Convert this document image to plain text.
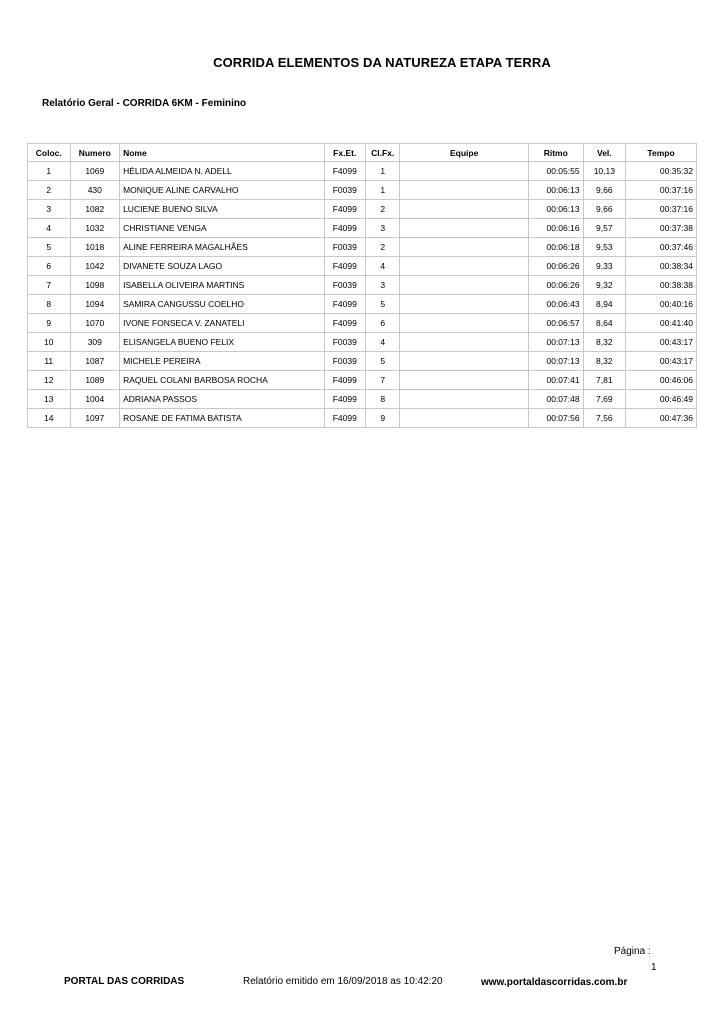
CORRIDA ELEMENTOS DA NATUREZA ETAPA TERRA
Relatório Geral - CORRIDA 6KM - Feminino
Coloc.	Numero	Nome	Fx.Et.	Cl.Fx.	Equipe	Ritmo	Vel.	Tempo
1	1069	HÉLIDA ALMEIDA N. ADELL	F4099	1		00:05:55	10,13	00:35:32
2	430	MONIQUE ALINE CARVALHO	F0039	1		00:06:13	9,66	00:37:16
3	1082	LUCIENE BUENO SILVA	F4099	2		00:06:13	9,66	00:37:16
4	1032	CHRISTIANE VENGA	F4099	3		00:06:16	9,57	00:37:38
5	1018	ALINE FERREIRA MAGALHÃES	F0039	2		00:06:18	9,53	00:37:46
6	1042	DIVANETE SOUZA LAGO	F4099	4		00:06:26	9,33	00:38:34
7	1098	ISABELLA OLIVEIRA MARTINS	F0039	3		00:06:26	9,32	00:38:38
8	1094	SAMIRA CANGUSSU COELHO	F4099	5		00:06:43	8,94	00:40:16
9	1070	IVONE FONSECA V. ZANATELI	F4099	6		00:06:57	8,64	00:41:40
10	309	ELISANGELA BUENO FELIX	F0039	4		00:07:13	8,32	00:43:17
11	1087	MICHELE PEREIRA	F0039	5		00:07:13	8,32	00:43:17
12	1089	RAQUEL COLANI BARBOSA ROCHA	F4099	7		00:07:41	7,81	00:46:06
13	1004	ADRIANA PASSOS	F4099	8		00:07:48	7,69	00:46:49
14	1097	ROSANE DE FATIMA BATISTA	F4099	9		00:07:56	7,56	00:47:36
Página :
1
PORTAL DAS CORRIDAS	Relatório emitido em 16/09/2018 as 10:42:20	www.portaldascorridas.com.br
